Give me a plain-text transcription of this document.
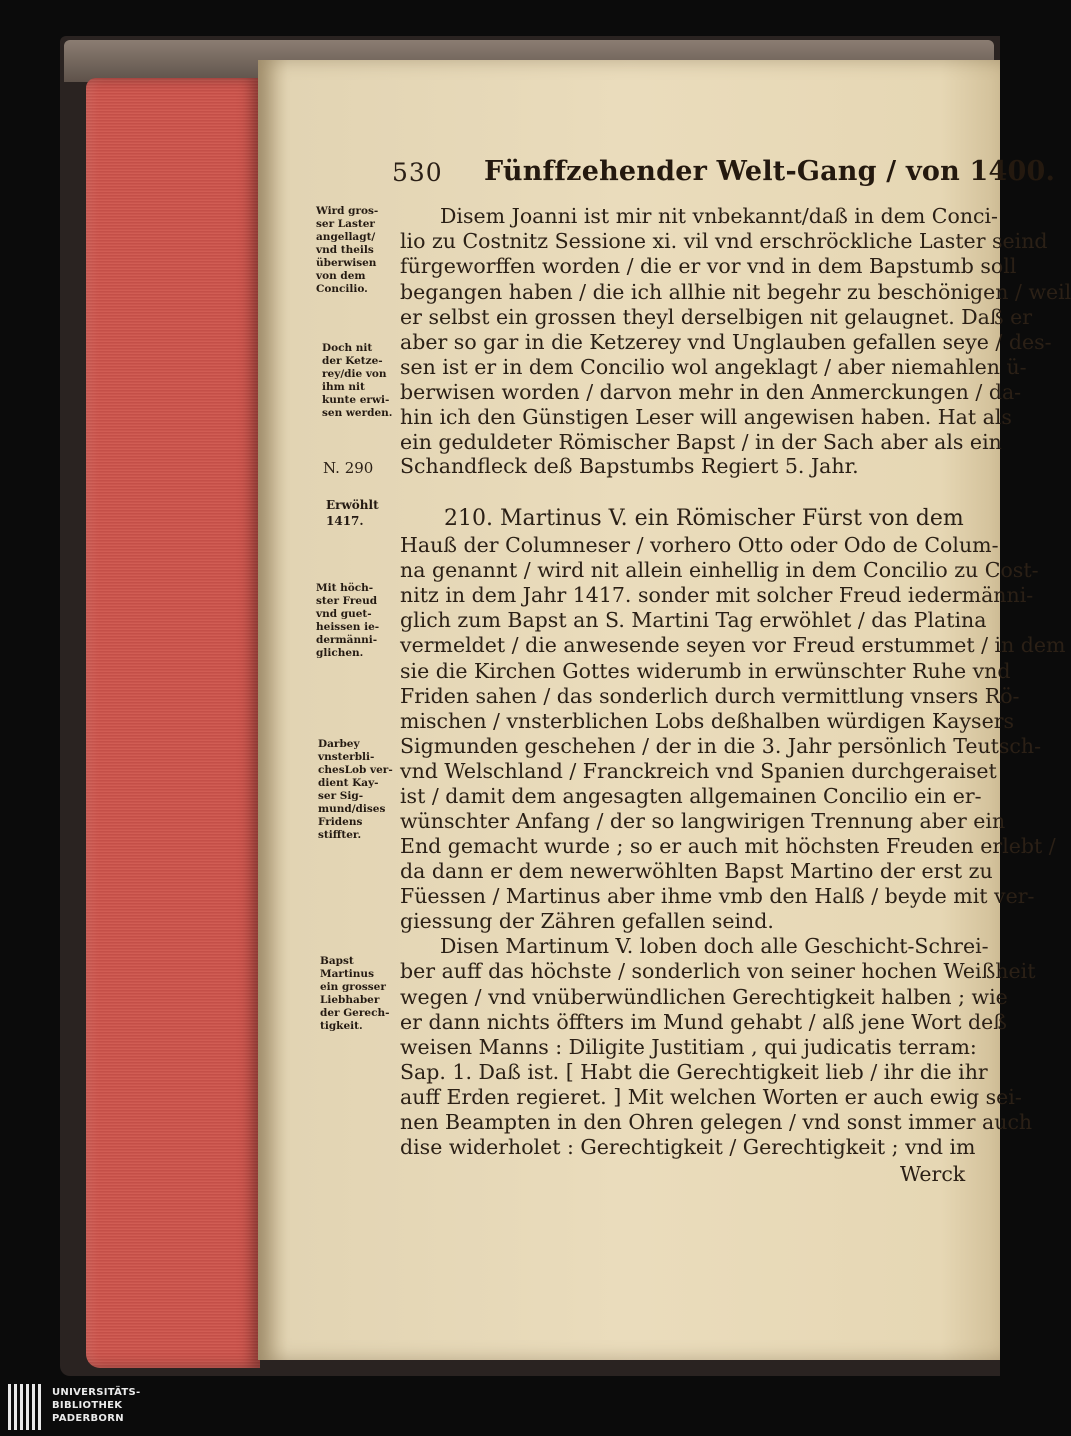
530 Fünffzehender Welt-Gang / von 1400.
Disem Joanni ist mir nit vnbekannt/daß in dem Conci-
lio zu Costnitz Sessione xi. vil vnd erschröckliche Laster seind
fürgeworffen worden / die er vor vnd in dem Bapstumb soll
begangen haben / die ich allhie nit begehr zu beschönigen / weil
er selbst ein grossen theyl derselbigen nit gelaugnet. Daß er
aber so gar in die Ketzerey vnd Unglauben gefallen seye / des-
sen ist er in dem Concilio wol angeklagt / aber niemahlen ü-
berwisen worden / darvon mehr in den Anmerckungen / da-
hin ich den Günstigen Leser will angewisen haben. Hat als
ein geduldeter Römischer Bapst / in der Sach aber als ein
Schandfleck deß Bapstumbs Regiert 5. Jahr.
210. Martinus V. ein Römischer Fürst von dem
Hauß der Columneser / vorhero Otto oder Odo de Colum-
na genannt / wird nit allein einhellig in dem Concilio zu Cost-
nitz in dem Jahr 1417. sonder mit solcher Freud iedermänni-
glich zum Bapst an S. Martini Tag erwöhlet / das Platina
vermeldet / die anwesende seyen vor Freud erstummet / in dem
sie die Kirchen Gottes widerumb in erwünschter Ruhe vnd
Friden sahen / das sonderlich durch vermittlung vnsers Rö-
mischen / vnsterblichen Lobs deßhalben würdigen Kaysers
Sigmunden geschehen / der in die 3. Jahr persönlich Teutsch-
vnd Welschland / Franckreich vnd Spanien durchgeraiset
ist / damit dem angesagten allgemainen Concilio ein er-
wünschter Anfang / der so langwirigen Trennung aber ein
End gemacht wurde ; so er auch mit höchsten Freuden erlebt /
da dann er dem newerwöhlten Bapst Martino der erst zu
Füessen / Martinus aber ihme vmb den Halß / beyde mit ver-
giessung der Zähren gefallen seind.
Disen Martinum V. loben doch alle Geschicht-Schrei-
ber auff das höchste / sonderlich von seiner hochen Weißheit
wegen / vnd vnüberwündlichen Gerechtigkeit halben ; wie
er dann nichts öffters im Mund gehabt / alß jene Wort deß
weisen Manns : Diligite Justitiam , qui judicatis terram:
Sap. 1. Daß ist. [ Habt die Gerechtigkeit lieb / ihr die ihr
auff Erden regieret. ] Mit welchen Worten er auch ewig sei-
nen Beampten in den Ohren gelegen / vnd sonst immer auch
dise widerholet : Gerechtigkeit / Gerechtigkeit ; vnd im
Werck
Wird gros-
ser Laster
angellagt/
vnd theils
überwisen
von dem
Concilio.
Doch nit
der Ketze-
rey/die von
ihm nit
kunte erwi-
sen werden.
Erwöhlt
1417.
Mit höch-
ster Freud
vnd guet-
heissen ie-
dermänni-
glichen.
Darbey
vnsterbli-
chesLob ver-
dient Kay-
ser Sig-
mund/dises
Fridens
stiffter.
Bapst
Martinus
ein grosser
Liebhaber
der Gerech-
tigkeit.
N. 290
UNIVERSITÄTS-
BIBLIOTHEK
PADERBORN
